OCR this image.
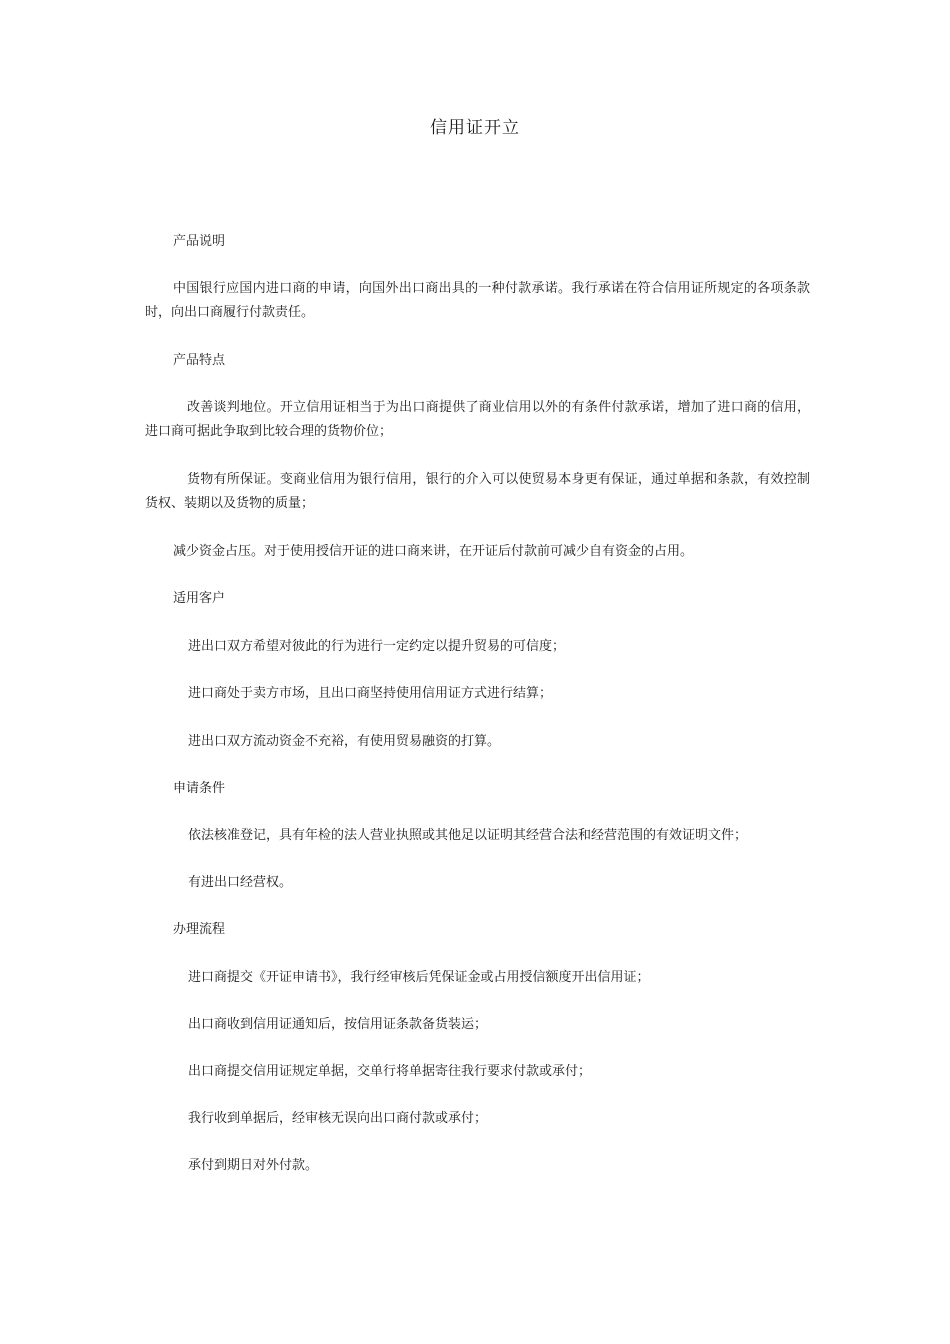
信用证开立
产品说明
中国银行应国内进口商的申请，向国外出口商出具的一种付款承诺。我行承诺在符合信用证所规定的各项条款时，向出口商履行付款责任。
产品特点
改善谈判地位。开立信用证相当于为出口商提供了商业信用以外的有条件付款承诺，增加了进口商的信用，进口商可据此争取到比较合理的货物价位；
货物有所保证。变商业信用为银行信用，银行的介入可以使贸易本身更有保证，通过单据和条款，有效控制货权、装期以及货物的质量；
减少资金占压。对于使用授信开证的进口商来讲，在开证后付款前可减少自有资金的占用。
适用客户
进出口双方希望对彼此的行为进行一定约定以提升贸易的可信度；
进口商处于卖方市场，且出口商坚持使用信用证方式进行结算；
进出口双方流动资金不充裕，有使用贸易融资的打算。
申请条件
依法核准登记，具有年检的法人营业执照或其他足以证明其经营合法和经营范围的有效证明文件；
有进出口经营权。
办理流程
进口商提交《开证申请书》，我行经审核后凭保证金或占用授信额度开出信用证；
出口商收到信用证通知后，按信用证条款备货装运；
出口商提交信用证规定单据，交单行将单据寄往我行要求付款或承付；
我行收到单据后，经审核无误向出口商付款或承付；
承付到期日对外付款。
